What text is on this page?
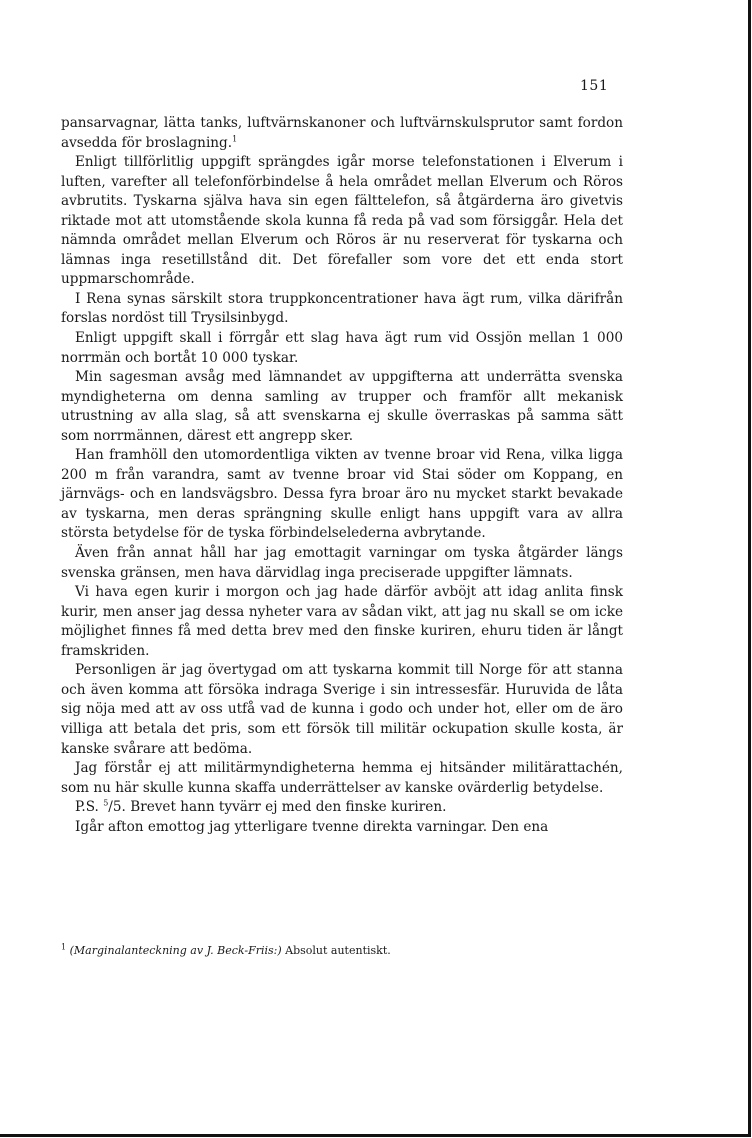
151

pansarvagnar, lätta tanks, luftvärnskanoner och luftvärnskulsprutor samt fordon avsedda för broslagning.$^1$

Enligt tillförlitlig uppgift sprängdes igår morse telefonstationen i Elverum i luften, varefter all telefonförbindelse å hela området mellan Elverum och Röros avbrutits. Tyskarna själva hava sin egen fälttelefon, så åtgärderna äro givetvis riktade mot att utomstående skola kunna få reda på vad som försiggår. Hela det nämnda området mellan Elverum och Röros är nu reserverat för tyskarna och lämnas inga resetillstånd dit. Det förefaller som vore det ett enda stort uppmarschområde.

I Rena synas särskilt stora truppkoncentrationer hava ägt rum, vilka därifrån forslas nordöst till Trysilsinbygd.

Enligt uppgift skall i förrgår ett slag hava ägt rum vid Ossjön mellan 1 000 norrmän och bortåt 10 000 tyskar.

Min sagesman avsåg med lämnandet av uppgifterna att underrätta svenska myndigheterna om denna samling av trupper och framför allt mekanisk utrustning av alla slag, så att svenskarna ej skulle överraskas på samma sätt som norrmännen, därest ett angrepp sker.

Han framhöll den utomordentliga vikten av tvenne broar vid Rena, vilka ligga 200 m från varandra, samt av tvenne broar vid Stai söder om Koppang, en järnvägs- och en landsvägsbro. Dessa fyra broar äro nu mycket starkt bevakade av tyskarna, men deras sprängning skulle enligt hans uppgift vara av allra största betydelse för de tyska förbindelselederna avbrytande.

Även från annat håll har jag emottagit varningar om tyska åtgärder längs svenska gränsen, men hava därvidlag inga preciserade uppgifter lämnats.

Vi hava egen kurir i morgon och jag hade därför avböjt att idag anlita finsk kurir, men anser jag dessa nyheter vara av sådan vikt, att jag nu skall se om icke möjlighet finnes få med detta brev med den finske kuriren, ehuru tiden är långt framskriden.

Personligen är jag övertygad om att tyskarna kommit till Norge för att stanna och även komma att försöka indraga Sverige i sin intressesfär. Huruvida de låta sig nöja med att av oss utfå vad de kunna i godo och under hot, eller om de äro villiga att betala det pris, som ett försök till militär ockupation skulle kosta, är kanske svårare att bedöma.

Jag förstår ej att militärmyndigheterna hemma ej hitsänder militärattachén, som nu här skulle kunna skaffa underrättelser av kanske ovärderlig betydelse.

P.S. $^5$/5. Brevet hann tyvärr ej med den finske kuriren.

Igår afton emottog jag ytterligare tvenne direkta varningar. Den ena

$^1$ (Marginalanteckning av J. Beck-Friis:) Absolut autentiskt.
